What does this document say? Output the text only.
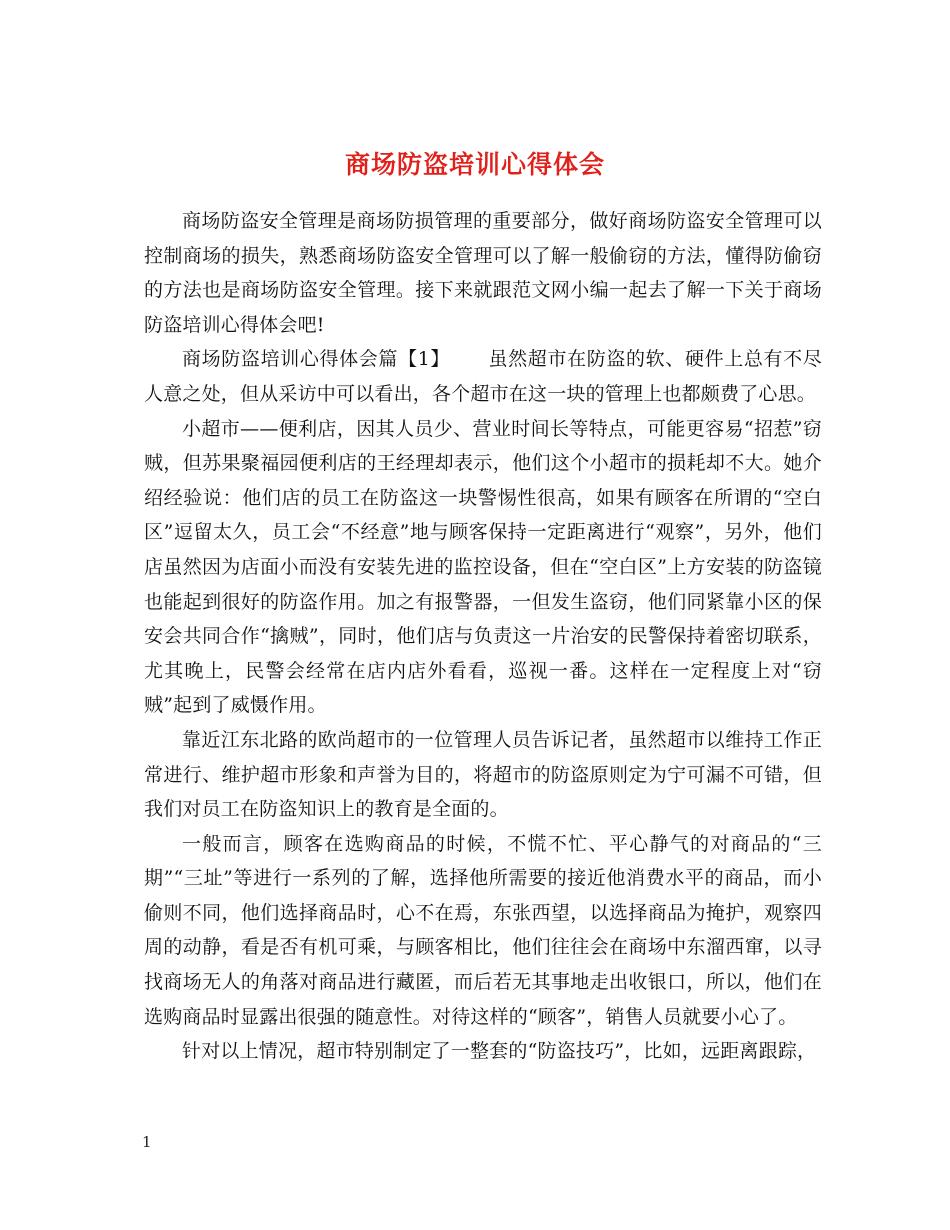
商场防盗培训心得体会

商场防盗安全管理是商场防损管理的重要部分，做好商场防盗安全管理可以控制商场的损失，熟悉商场防盗安全管理可以了解一般偷窃的方法，懂得防偷窃的方法也是商场防盗安全管理。接下来就跟范文网小编一起去了解一下关于商场防盗培训心得体会吧!

商场防盗培训心得体会篇【1】 虽然超市在防盗的软、硬件上总有不尽人意之处，但从采访中可以看出，各个超市在这一块的管理上也都颇费了心思。

小超市——便利店，因其人员少、营业时间长等特点，可能更容易“招惹”窃贼，但苏果聚福园便利店的王经理却表示，他们这个小超市的损耗却不大。她介绍经验说：他们店的员工在防盗这一块警惕性很高，如果有顾客在所谓的“空白区”逗留太久，员工会“不经意”地与顾客保持一定距离进行“观察”，另外，他们店虽然因为店面小而没有安装先进的监控设备，但在“空白区”上方安装的防盗镜也能起到很好的防盗作用。加之有报警器，一但发生盗窃，他们同紧靠小区的保安会共同合作“擒贼”，同时，他们店与负责这一片治安的民警保持着密切联系，尤其晚上，民警会经常在店内店外看看，巡视一番。这样在一定程度上对“窃贼”起到了威慑作用。

靠近江东北路的欧尚超市的一位管理人员告诉记者，虽然超市以维持工作正常进行、维护超市形象和声誉为目的，将超市的防盗原则定为宁可漏不可错，但我们对员工在防盗知识上的教育是全面的。

一般而言，顾客在选购商品的时候，不慌不忙、平心静气的对商品的“三期”“三址”等进行一系列的了解，选择他所需要的接近他消费水平的商品，而小偷则不同，他们选择商品时，心不在焉，东张西望，以选择商品为掩护，观察四周的动静，看是否有机可乘，与顾客相比，他们往往会在商场中东溜西窜，以寻找商场无人的角落对商品进行藏匿，而后若无其事地走出收银口，所以，他们在选购商品时显露出很强的随意性。对待这样的“顾客”，销售人员就要小心了。

针对以上情况，超市特别制定了一整套的“防盗技巧”，比如，远距离跟踪，

1
